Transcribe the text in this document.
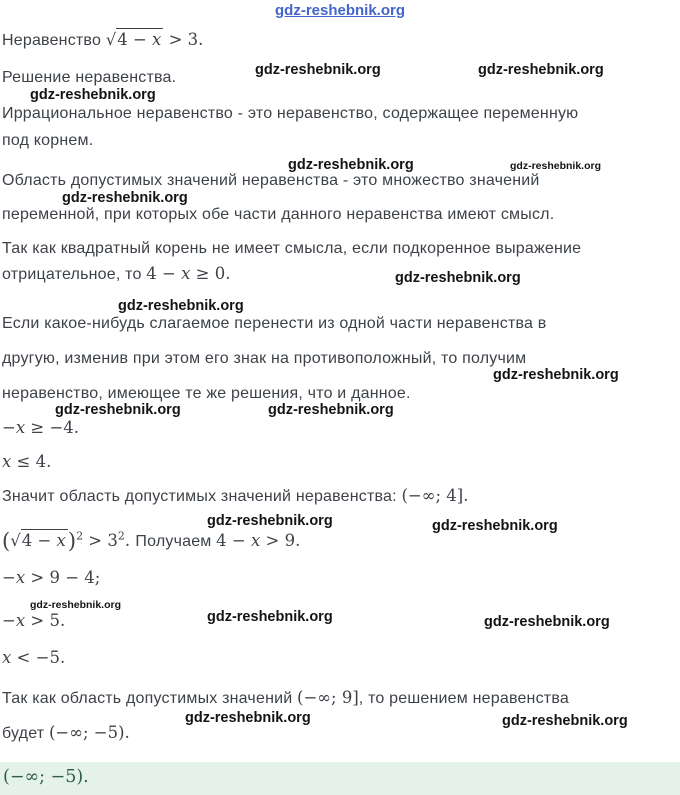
gdz-reshebnik.org
Неравенство √4 − x > 3.
Решение неравенства.
Иррациональное неравенство - это неравенство, содержащее переменную
под корнем.
Область допустимых значений неравенства - это множество значений
переменной, при которых обе части данного неравенства имеют смысл.
Так как квадратный корень не имеет смысла, если подкоренное выражение
отрицательное, то 4 − x ≥ 0.
Если какое-нибудь слагаемое перенести из одной части неравенства в
другую, изменив при этом его знак на противоположный, то получим
неравенство, имеющее те же решения, что и данное.
−x ≥ −4.
x ≤ 4.
Значит область допустимых значений неравенства: (−∞; 4].
$(√4 - x)^2 > 3^2$. Получаем 4 − x > 9.
−x > 9 − 4;
−x > 5.
x < −5.
Так как область допустимых значений (−∞; 9], то решением неравенства
будет (−∞; −5).
(−∞; −5).
gdz-reshebnik.org	gdz-reshebnik.org
gdz-reshebnik.org
gdz-reshebnik.org	gdz-reshebnik.org
gdz-reshebnik.org
gdz-reshebnik.org
gdz-reshebnik.org
gdz-reshebnik.org
gdz-reshebnik.org	gdz-reshebnik.org
gdz-reshebnik.org	gdz-reshebnik.org
gdz-reshebnik.org
gdz-reshebnik.org	gdz-reshebnik.org
gdz-reshebnik.org	gdz-reshebnik.org
